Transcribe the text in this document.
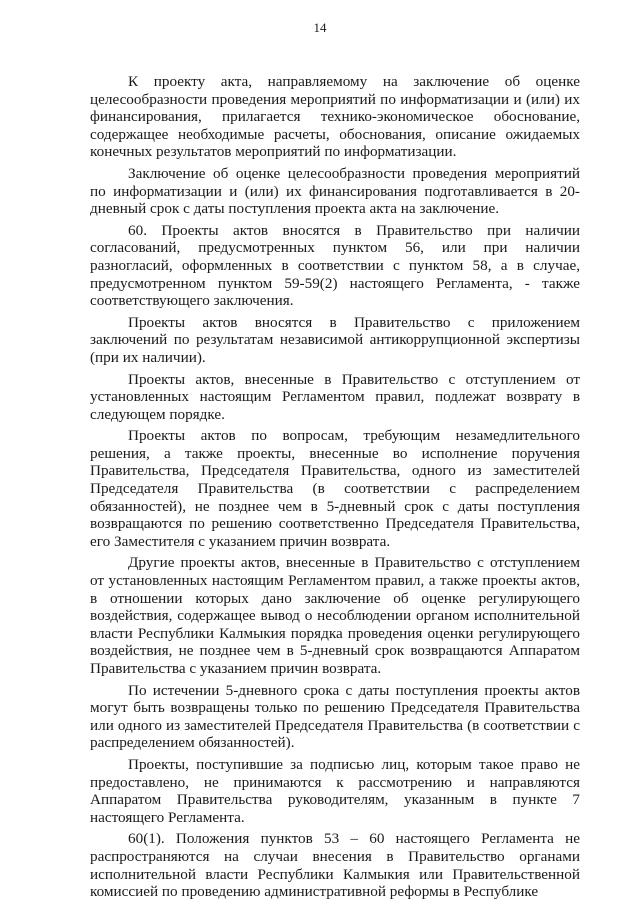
14

К проекту акта, направляемому на заключение об оценке целесообразности проведения мероприятий по информатизации и (или) их финансирования, прилагается технико-экономическое обоснование, содержащее необходимые расчеты, обоснования, описание ожидаемых конечных результатов мероприятий по информатизации.

Заключение об оценке целесообразности проведения мероприятий по информатизации и (или) их финансирования подготавливается в 20-дневный срок с даты поступления проекта акта на заключение.

60. Проекты актов вносятся в Правительство при наличии согласований, предусмотренных пунктом 56, или при наличии разногласий, оформленных в соответствии с пунктом 58, а в случае, предусмотренном пунктом 59-59(2) настоящего Регламента, - также соответствующего заключения.

Проекты актов вносятся в Правительство с приложением заключений по результатам независимой антикоррупционной экспертизы (при их наличии).

Проекты актов, внесенные в Правительство с отступлением от установленных настоящим Регламентом правил, подлежат возврату в следующем порядке.

Проекты актов по вопросам, требующим незамедлительного решения, а также проекты, внесенные во исполнение поручения Правительства, Председателя Правительства, одного из заместителей Председателя Правительства (в соответствии с распределением обязанностей), не позднее чем в 5-дневный срок с даты поступления возвращаются по решению соответственно Председателя Правительства, его Заместителя с указанием причин возврата.

Другие проекты актов, внесенные в Правительство с отступлением от установленных настоящим Регламентом правил, а также проекты актов, в отношении которых дано заключение об оценке регулирующего воздействия, содержащее вывод о несоблюдении органом исполнительной власти Республики Калмыкия порядка проведения оценки регулирующего воздействия, не позднее чем в 5-дневный срок возвращаются Аппаратом Правительства с указанием причин возврата.

По истечении 5-дневного срока с даты поступления проекты актов могут быть возвращены только по решению Председателя Правительства или одного из заместителей Председателя Правительства (в соответствии с распределением обязанностей).

Проекты, поступившие за подписью лиц, которым такое право не предоставлено, не принимаются к рассмотрению и направляются Аппаратом Правительства руководителям, указанным в пункте 7 настоящего Регламента.

60(1). Положения пунктов 53 – 60 настоящего Регламента не распространяются на случаи внесения в Правительство органами исполнительной власти Республики Калмыкия или Правительственной комиссией по проведению административной реформы в Республике
